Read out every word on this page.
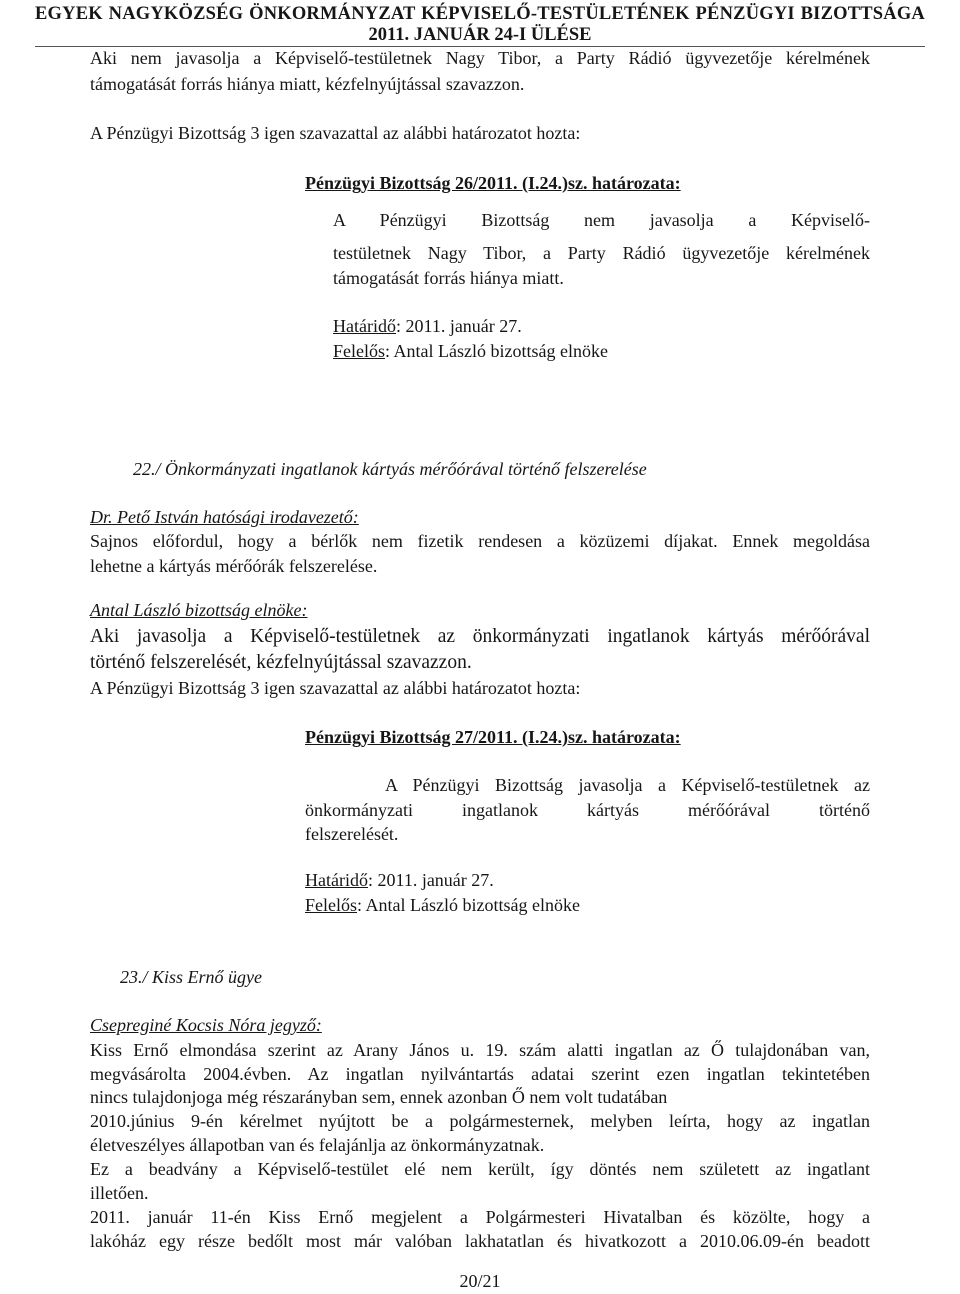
EGYEK NAGYKÖZSÉG ÖNKORMÁNYZAT KÉPVISELŐ-TESTÜLETÉNEK PÉNZÜGYI BIZOTTSÁGA
2011. JANUÁR 24-I ÜLÉSE
Aki nem javasolja a Képviselő-testületnek Nagy Tibor, a Party Rádió ügyvezetője kérelmének
támogatását forrás hiánya miatt, kézfelnyújtással szavazzon.
A Pénzügyi Bizottság 3 igen szavazattal az alábbi határozatot hozta:
Pénzügyi Bizottság 26/2011. (I.24.)sz. határozata:
A Pénzügyi Bizottság nem javasolja a Képviselő-
testületnek Nagy Tibor, a Party Rádió ügyvezetője kérelmének
támogatását forrás hiánya miatt.
Határidő: 2011. január 27.
Felelős: Antal László bizottság elnöke
22./ Önkormányzati ingatlanok kártyás mérőórával történő felszerelése
Dr. Pető István hatósági irodavezető:
Sajnos előfordul, hogy a bérlők nem fizetik rendesen a közüzemi díjakat. Ennek megoldása
lehetne a kártyás mérőórák felszerelése.
Antal László bizottság elnöke:
Aki javasolja a Képviselő-testületnek az önkormányzati ingatlanok kártyás mérőórával
történő felszerelését, kézfelnyújtással szavazzon.
A Pénzügyi Bizottság 3 igen szavazattal az alábbi határozatot hozta:
Pénzügyi Bizottság 27/2011. (I.24.)sz. határozata:
A Pénzügyi Bizottság javasolja a Képviselő-testületnek az
önkormányzati ingatlanok kártyás mérőórával történő
felszerelését.
Határidő: 2011. január 27.
Felelős: Antal László bizottság elnöke
23./ Kiss Ernő ügye
Csepreginé Kocsis Nóra jegyző:
Kiss Ernő elmondása szerint az Arany János u. 19. szám alatti ingatlan az Ő tulajdonában van,
megvásárolta 2004.évben. Az ingatlan nyilvántartás adatai szerint ezen ingatlan tekintetében
nincs tulajdonjoga még részarányban sem, ennek azonban Ő nem volt tudatában
2010.június 9-én kérelmet nyújtott be a polgármesternek, melyben leírta, hogy az ingatlan
életveszélyes állapotban van és felajánlja az önkormányzatnak.
Ez a beadvány a Képviselő-testület elé nem került, így döntés nem született az ingatlant
illetően.
2011. január 11-én Kiss Ernő megjelent a Polgármesteri Hivatalban és közölte, hogy a
lakóház egy része bedőlt most már valóban lakhatatlan és hivatkozott a 2010.06.09-én beadott
20/21
